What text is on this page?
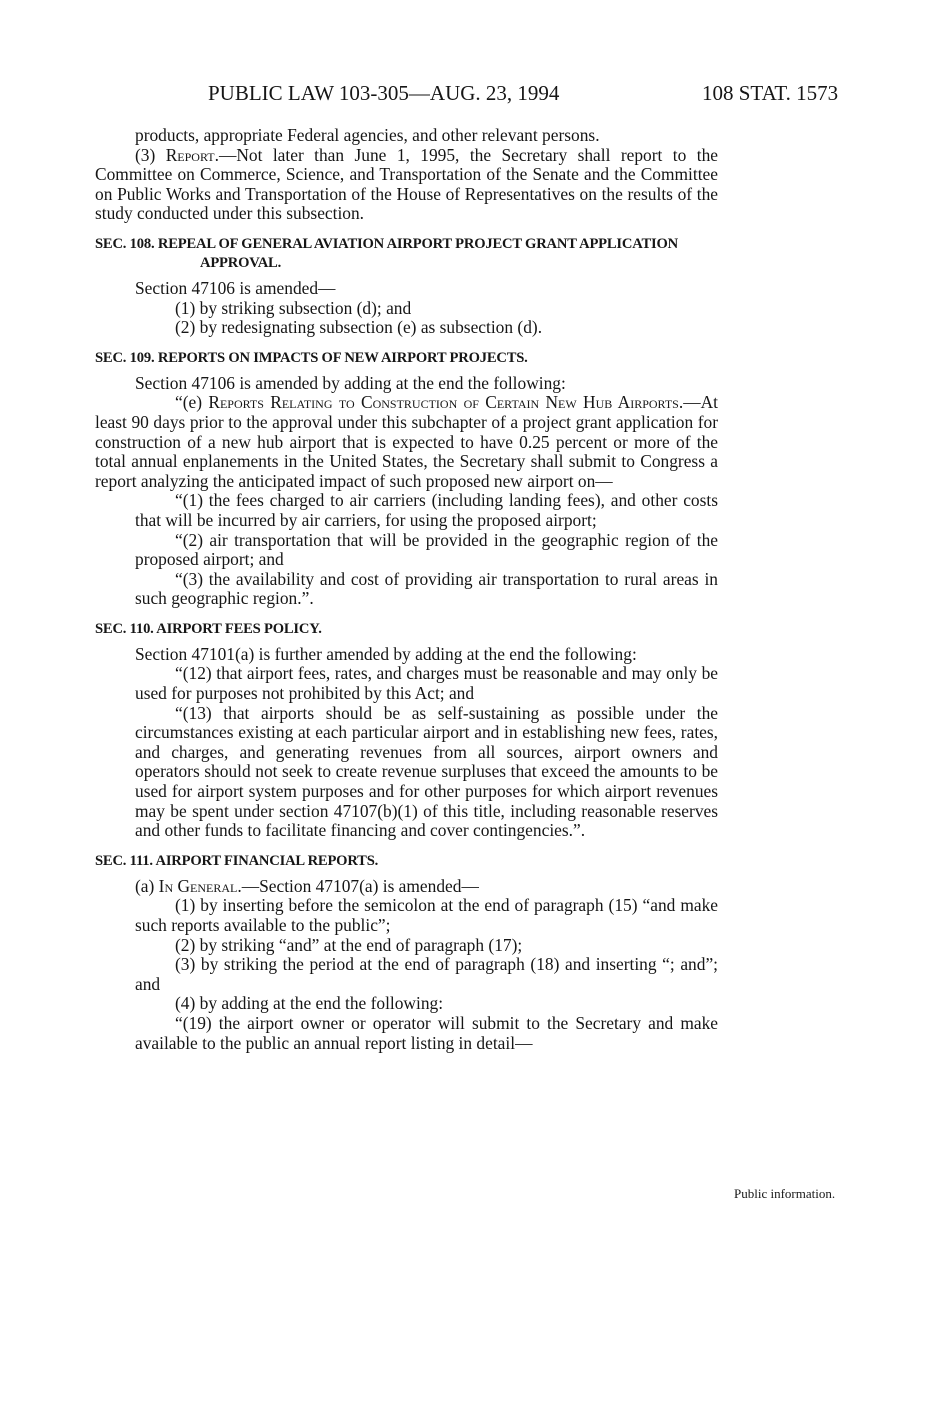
PUBLIC LAW 103-305—AUG. 23, 1994	108 STAT. 1573

products, appropriate Federal agencies, and other relevant persons.

(3) Report.—Not later than June 1, 1995, the Secretary shall report to the Committee on Commerce, Science, and Transportation of the Senate and the Committee on Public Works and Transportation of the House of Representatives on the results of the study conducted under this subsection.

SEC. 108. REPEAL OF GENERAL AVIATION AIRPORT PROJECT GRANT APPLICATION APPROVAL.

Section 47106 is amended—

(1) by striking subsection (d); and

(2) by redesignating subsection (e) as subsection (d).

SEC. 109. REPORTS ON IMPACTS OF NEW AIRPORT PROJECTS.

Section 47106 is amended by adding at the end the following:

“(e) Reports Relating to Construction of Certain New Hub Airports.—At least 90 days prior to the approval under this subchapter of a project grant application for construction of a new hub airport that is expected to have 0.25 percent or more of the total annual enplanements in the United States, the Secretary shall submit to Congress a report analyzing the anticipated impact of such proposed new airport on—

“(1) the fees charged to air carriers (including landing fees), and other costs that will be incurred by air carriers, for using the proposed airport;

“(2) air transportation that will be provided in the geographic region of the proposed airport; and

“(3) the availability and cost of providing air transportation to rural areas in such geographic region.”.

SEC. 110. AIRPORT FEES POLICY.

Section 47101(a) is further amended by adding at the end the following:

“(12) that airport fees, rates, and charges must be reasonable and may only be used for purposes not prohibited by this Act; and

“(13) that airports should be as self-sustaining as possible under the circumstances existing at each particular airport and in establishing new fees, rates, and charges, and generating revenues from all sources, airport owners and operators should not seek to create revenue surpluses that exceed the amounts to be used for airport system purposes and for other purposes for which airport revenues may be spent under section 47107(b)(1) of this title, including reasonable reserves and other funds to facilitate financing and cover contingencies.”.

SEC. 111. AIRPORT FINANCIAL REPORTS.

(a) In General.—Section 47107(a) is amended—

(1) by inserting before the semicolon at the end of paragraph (15) “and make such reports available to the public”;

(2) by striking “and” at the end of paragraph (17);

(3) by striking the period at the end of paragraph (18) and inserting “; and”; and

(4) by adding at the end the following:

“(19) the airport owner or operator will submit to the Secretary and make available to the public an annual report listing in detail—

Public information.
